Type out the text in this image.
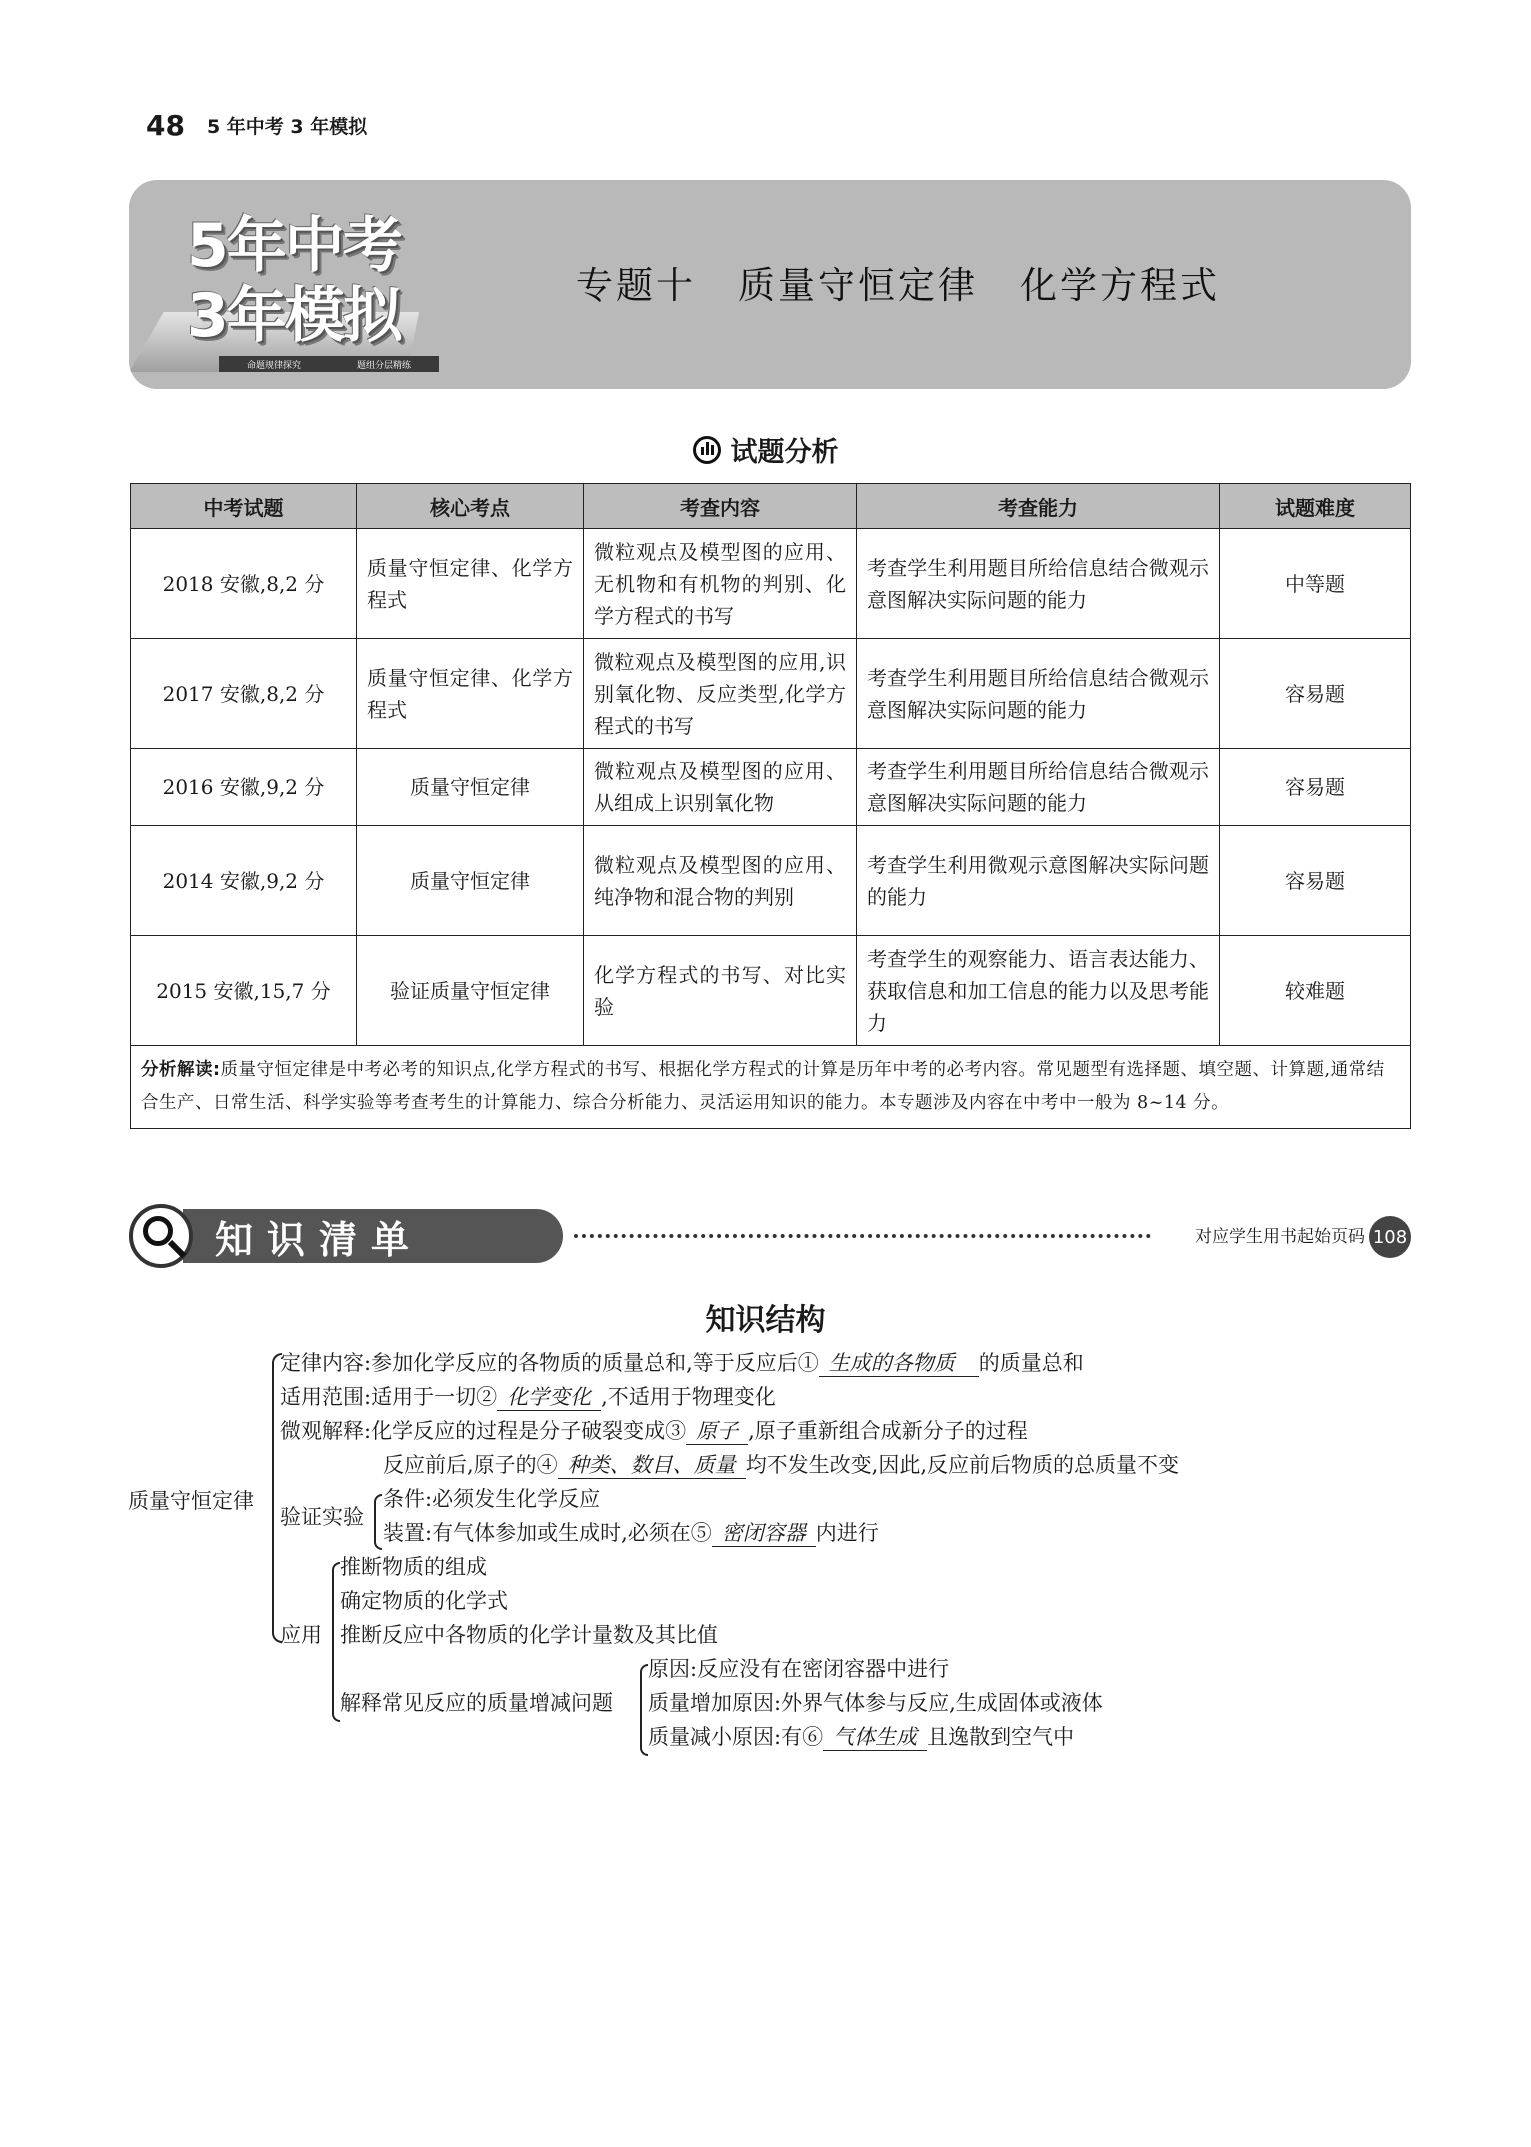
48 5 年中考 3 年模拟
5年中考
3年模拟
命题规律探究	题组分层精练
专题十 质量守恒定律 化学方程式
试题分析
中考试题	核心考点	考查内容	考查能力	试题难度
2018 安徽,8,2 分	质量守恒定律、化学方程式	微粒观点及模型图的应用、无机物和有机物的判别、化学方程式的书写	考查学生利用题目所给信息结合微观示意图解决实际问题的能力	中等题
2017 安徽,8,2 分	质量守恒定律、化学方程式	微粒观点及模型图的应用,识别氧化物、反应类型,化学方程式的书写	考查学生利用题目所给信息结合微观示意图解决实际问题的能力	容易题
2016 安徽,9,2 分	质量守恒定律	微粒观点及模型图的应用、从组成上识别氧化物	考查学生利用题目所给信息结合微观示意图解决实际问题的能力	容易题
2014 安徽,9,2 分	质量守恒定律	微粒观点及模型图的应用、纯净物和混合物的判别	考查学生利用微观示意图解决实际问题的能力	容易题
2015 安徽,15,7 分	验证质量守恒定律	化学方程式的书写、对比实验	考查学生的观察能力、语言表达能力、获取信息和加工信息的能力以及思考能力	较难题
分析解读:质量守恒定律是中考必考的知识点,化学方程式的书写、根据化学方程式的计算是历年中考的必考内容。常见题型有选择题、填空题、计算题,通常结合生产、日常生活、科学实验等考查考生的计算能力、综合分析能力、灵活运用知识的能力。本专题涉及内容在中考中一般为 8~14 分。				
知识清单	对应学生用书起始页码 108
知识结构
质量守恒定律
定律内容:参加化学反应的各物质的质量总和,等于反应后① 生成的各物质 的质量总和
适用范围:适用于一切② 化学变化 ,不适用于物理变化
微观解释:化学反应的过程是分子破裂变成③ 原子 ,原子重新组合成新分子的过程
反应前后,原子的④ 种类、数目、质量 均不发生改变,因此,反应前后物质的总质量不变
验证实验
条件:必须发生化学反应
装置:有气体参加或生成时,必须在⑤ 密闭容器 内进行
应用
推断物质的组成
确定物质的化学式
推断反应中各物质的化学计量数及其比值
解释常见反应的质量增减问题
原因:反应没有在密闭容器中进行
质量增加原因:外界气体参与反应,生成固体或液体
质量减小原因:有⑥ 气体生成 且逸散到空气中
